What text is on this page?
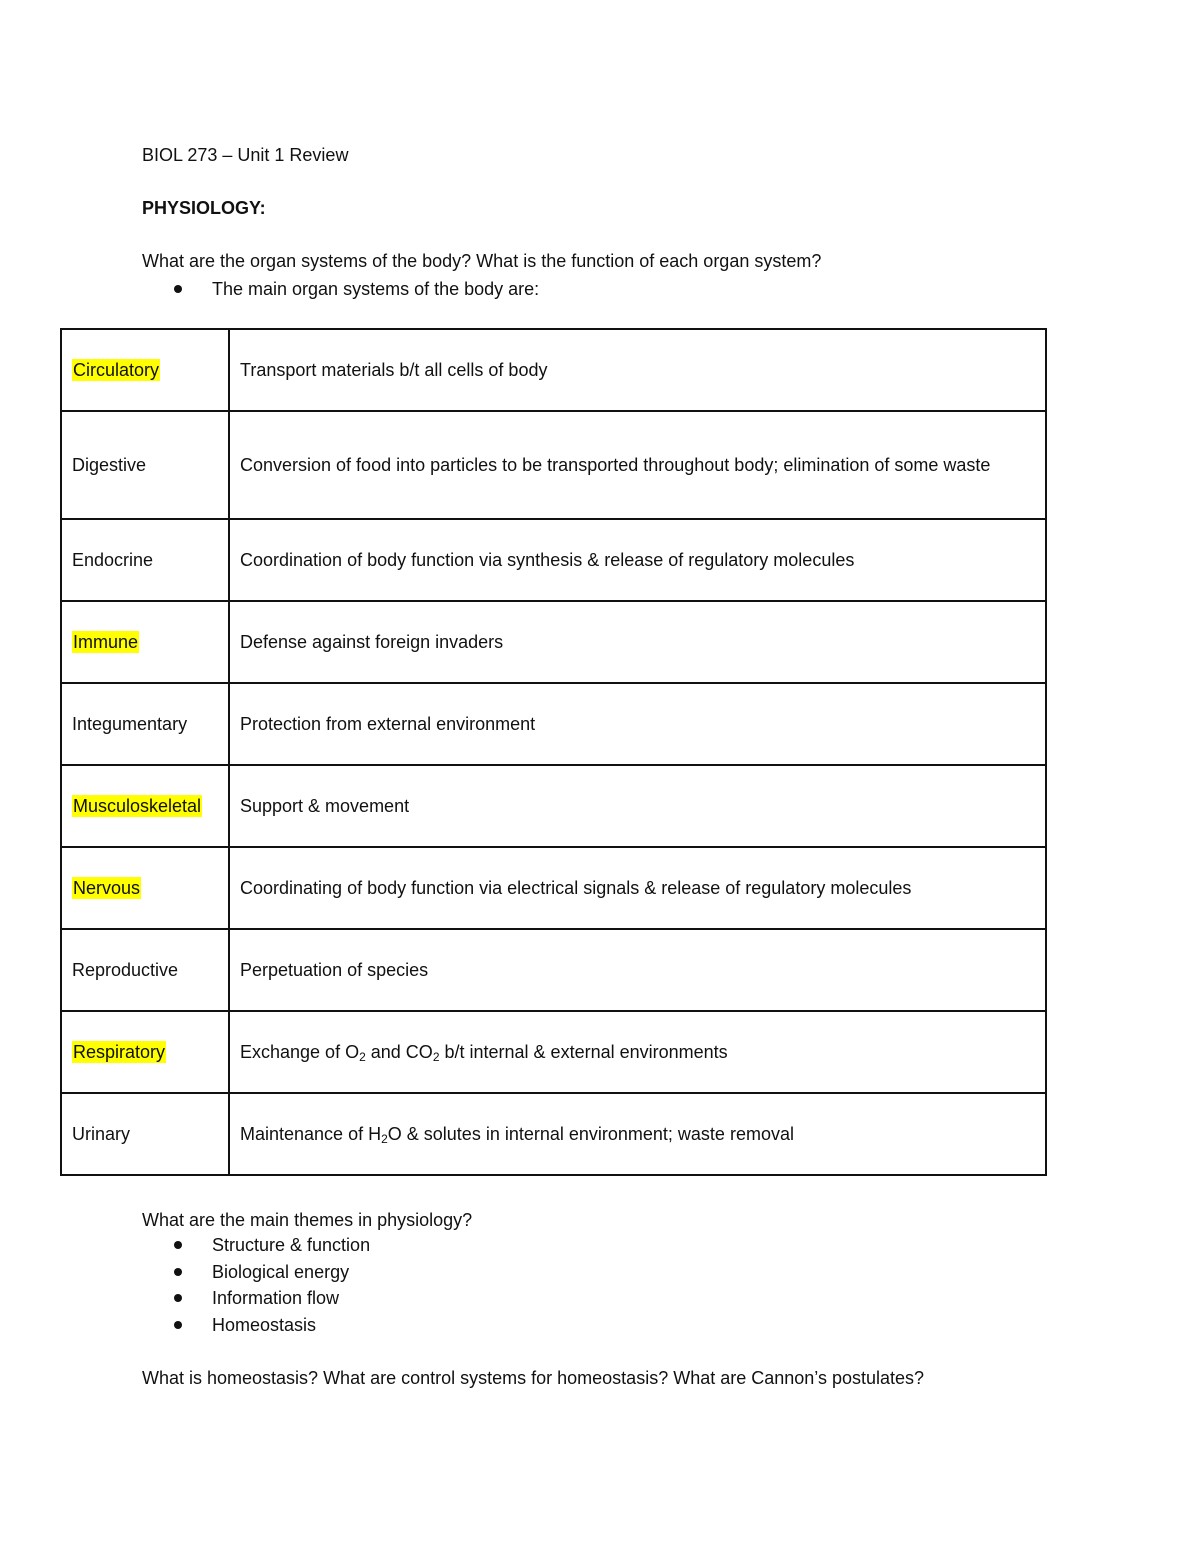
BIOL 273 – Unit 1 Review
PHYSIOLOGY:
What are the organ systems of the body? What is the function of each organ system?
The main organ systems of the body are:
Circulatory	Transport materials b/t all cells of body
Digestive	Conversion of food into particles to be transported throughout body; elimination of some waste
Endocrine	Coordination of body function via synthesis & release of regulatory molecules
Immune	Defense against foreign invaders
Integumentary	Protection from external environment
Musculoskeletal	Support & movement
Nervous	Coordinating of body function via electrical signals & release of regulatory molecules
Reproductive	Perpetuation of species
Respiratory	Exchange of $O_2$ and $CO_2$ b/t internal & external environments
Urinary	Maintenance of $H_2O$ & solutes in internal environment; waste removal
What are the main themes in physiology?
Structure & function
Biological energy
Information flow
Homeostasis
What is homeostasis? What are control systems for homeostasis? What are Cannon’s postulates?
